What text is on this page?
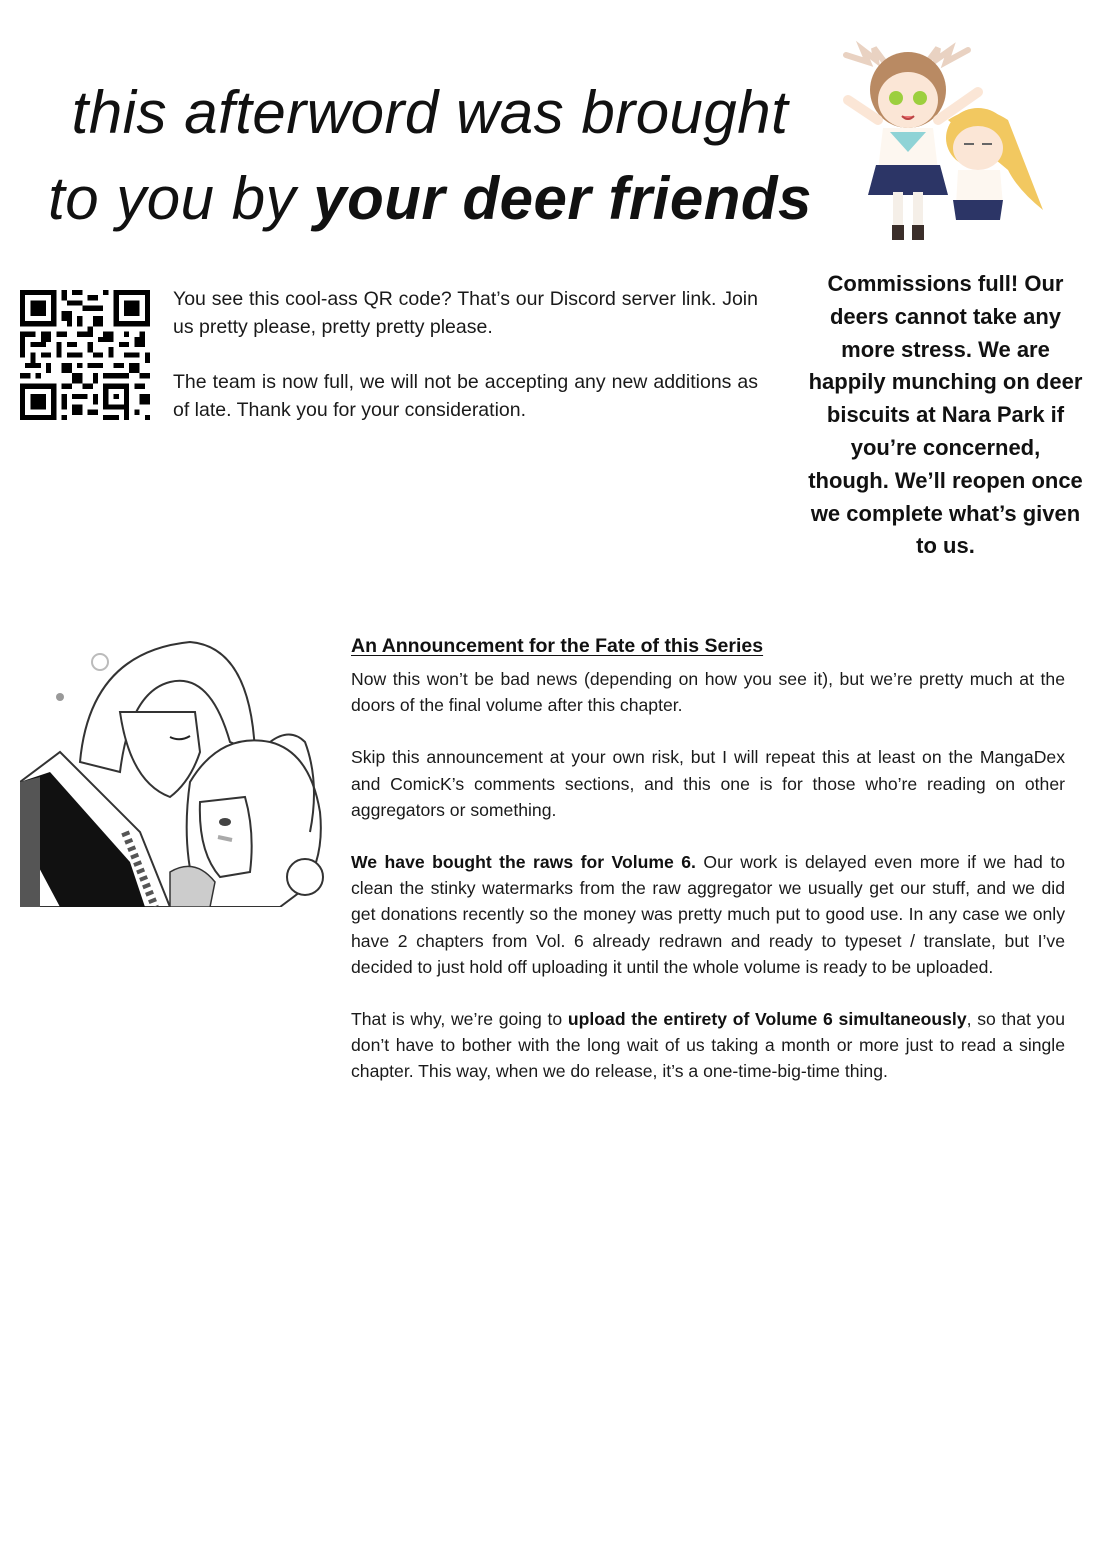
this afterword was brought
to you by your deer friends

You see this cool-ass QR code? That’s our Discord server link. Join us pretty please, pretty pretty please.

The team is now full, we will not be accepting any new additions as of late. Thank you for your consideration.

Commissions full! Our deers cannot take any more stress. We are happily munching on deer biscuits at Nara Park if you’re concerned, though. We’ll reopen once we complete what’s given to us.
An Announcement for the Fate of this Series

Now this won’t be bad news (depending on how you see it), but we’re pretty much at the doors of the final volume after this chapter.

Skip this announcement at your own risk, but I will repeat this at least on the MangaDex and ComicK’s comments sections, and this one is for those who’re reading on other aggregators or something.

We have bought the raws for Volume 6. Our work is delayed even more if we had to clean the stinky watermarks from the raw aggregator we usually get our stuff, and we did get donations recently so the money was pretty much put to good use. In any case we only have 2 chapters from Vol. 6 already redrawn and ready to typeset / translate, but I’ve decided to just hold off uploading it until the whole volume is ready to be uploaded.

That is why, we’re going to upload the entirety of Volume 6 simultaneously, so that you don’t have to bother with the long wait of us taking a month or more just to read a single chapter. This way, when we do release, it’s a one-time-big-time thing.
